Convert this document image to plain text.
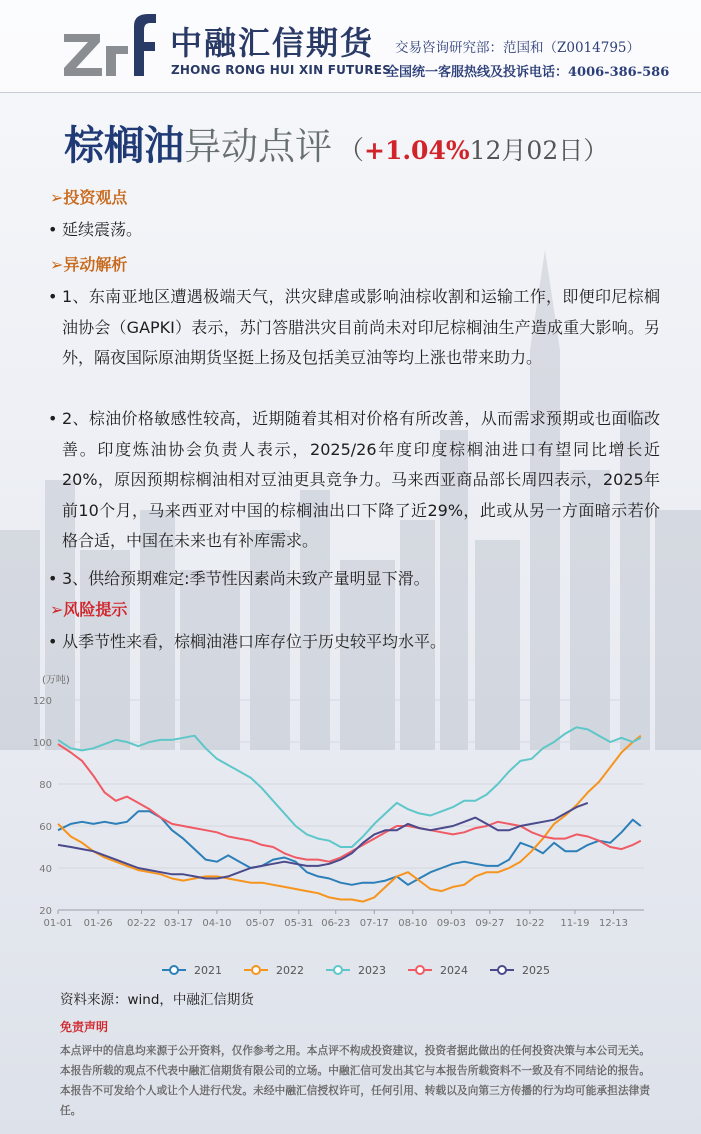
中融汇信期货
ZHONG RONG HUI XIN FUTURES
交易咨询研究部：范国和（Z0014795）
全国统一客服热线及投诉电话：4006-386-586
棕榈油异动点评 （+1.04%12月02日）
➢投资观点
• 延续震荡。
➢异动解析
• 1、东南亚地区遭遇极端天气，洪灾肆虐或影响油棕收割和运输工作，即便印尼棕榈油协会（GAPKI）表示，苏门答腊洪灾目前尚未对印尼棕榈油生产造成重大影响。另外，隔夜国际原油期货坚挺上扬及包括美豆油等均上涨也带来助力。
• 2、棕油价格敏感性较高，近期随着其相对价格有所改善，从而需求预期或也面临改善。印度炼油协会负责人表示，2025/26年度印度棕榈油进口有望同比增长近20%，原因预期棕榈油相对豆油更具竞争力。马来西亚商品部长周四表示，2025年前10个月，马来西亚对中国的棕榈油出口下降了近29%，此或从另一方面暗示若价格合适，中国在未来也有补库需求。
• 3、供给预期难定:季节性因素尚未致产量明显下滑。
➢风险提示
• 从季节性来看，棕榈油港口库存位于历史较平均水平。
(万吨)
20
40
60
80
100
120
01-01 01-26 02-22 03-17 04-10 05-07 05-31 06-23 07-17 08-10 09-03 09-27 10-22 11-19 12-13
2021	2022	2023	2024	2025
资料来源：wind，中融汇信期货
免责声明
本点评中的信息均来源于公开资料，仅作参考之用。本点评不构成投资建议，投资者据此做出的任何投资决策与本公司无关。本报告所载的观点不代表中融汇信期货有限公司的立场。中融汇信可发出其它与本报告所载资料不一致及有不同结论的报告。本报告不可发给个人或让个人进行代发。未经中融汇信授权许可，任何引用、转载以及向第三方传播的行为均可能承担法律责任。
